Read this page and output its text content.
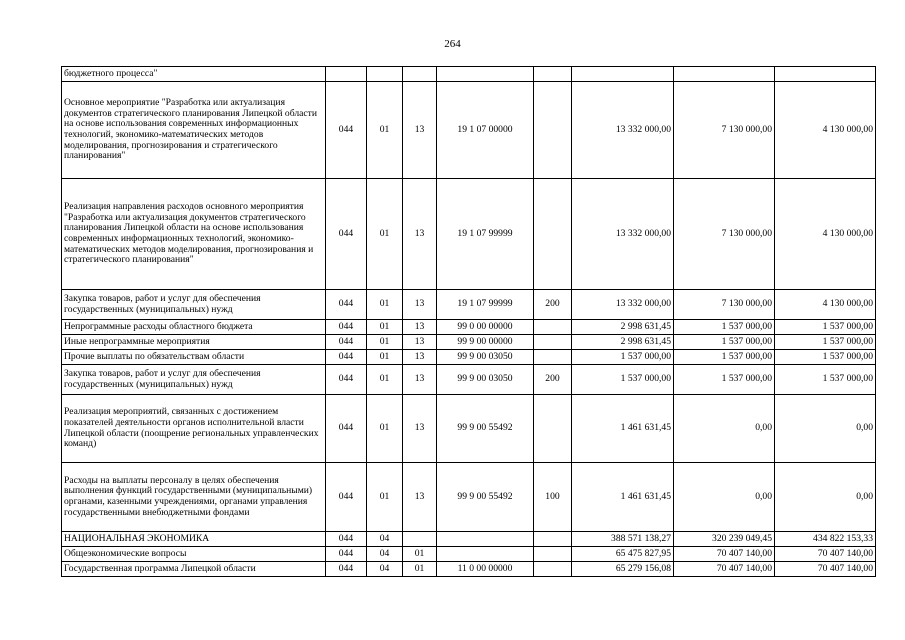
264
бюджетного процесса"								
Основное мероприятие "Разработка или актуализация документов стратегического планирования Липецкой области на основе использования современных информационных технологий, экономико-математических методов моделирования, прогнозирования и стратегического планирования"	044	01	13	19 1 07 00000		13 332 000,00	7 130 000,00	4 130 000,00
Реализация направления расходов основного мероприятия "Разработка или актуализация документов стратегического планирования Липецкой области на основе использования современных информационных технологий, экономико-математических методов моделирования, прогнозирования и стратегического планирования"	044	01	13	19 1 07 99999		13 332 000,00	7 130 000,00	4 130 000,00
Закупка товаров, работ и услуг для обеспечения государственных (муниципальных) нужд	044	01	13	19 1 07 99999	200	13 332 000,00	7 130 000,00	4 130 000,00
Непрограммные расходы областного бюджета	044	01	13	99 0 00 00000		2 998 631,45	1 537 000,00	1 537 000,00
Иные непрограммные мероприятия	044	01	13	99 9 00 00000		2 998 631,45	1 537 000,00	1 537 000,00
Прочие выплаты по обязательствам области	044	01	13	99 9 00 03050		1 537 000,00	1 537 000,00	1 537 000,00
Закупка товаров, работ и услуг для обеспечения государственных (муниципальных) нужд	044	01	13	99 9 00 03050	200	1 537 000,00	1 537 000,00	1 537 000,00
Реализация мероприятий, связанных с достижением показателей деятельности органов исполнительной власти Липецкой области (поощрение региональных управленческих команд)	044	01	13	99 9 00 55492		1 461 631,45	0,00	0,00
Расходы на выплаты персоналу в целях обеспечения выполнения функций государственными (муниципальными) органами, казенными учреждениями, органами управления государственными внебюджетными фондами	044	01	13	99 9 00 55492	100	1 461 631,45	0,00	0,00
НАЦИОНАЛЬНАЯ ЭКОНОМИКА	044	04				388 571 138,27	320 239 049,45	434 822 153,33
Общеэкономические вопросы	044	04	01			65 475 827,95	70 407 140,00	70 407 140,00
Государственная программа Липецкой области	044	04	01	11 0 00 00000		65 279 156,08	70 407 140,00	70 407 140,00
